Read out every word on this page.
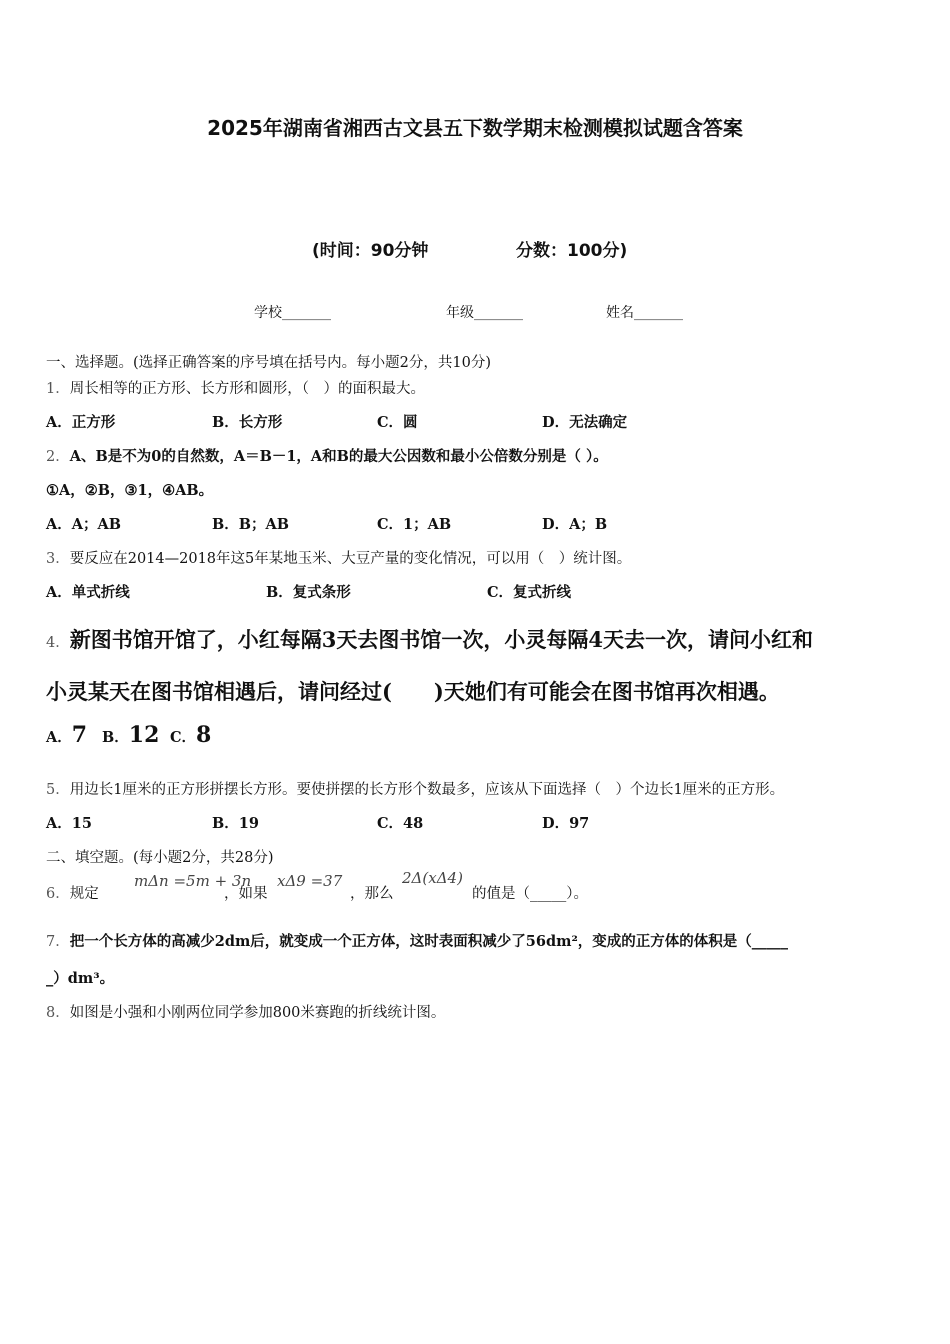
2025年湖南省湘西古文县五下数学期末检测模拟试题含答案
(时间：90分钟	分数：100分)
学校_______	年级_______	姓名_______
一、选择题。(选择正确答案的序号填在括号内。每小题2分，共10分)
1．周长相等的正方形、长方形和圆形，（　）的面积最大。
A．正方形	B．长方形	C．圆	D．无法确定
2．A、B是不为0的自然数，A＝B－1，A和B的最大公因数和最小公倍数分别是（ ）。
①A，②B，③1，④AB。
A．A；AB	B．B；AB	C．1；AB	D．A；B
3．要反应在2014—2018年这5年某地玉米、大豆产量的变化情况，可以用（　）统计图。
A．单式折线	B．复式条形	C．复式折线
4．新图书馆开馆了，小红每隔3天去图书馆一次，小灵每隔4天去一次，请问小红和
小灵某天在图书馆相遇后，请问经过(　　)天她们有可能会在图书馆再次相遇。
A．7 B．12 C．8
5．用边长1厘米的正方形拼摆长方形。要使拼摆的长方形个数最多，应该从下面选择（　）个边长1厘米的正方形。
A．15	B．19	C．48	D．97
二、填空题。(每小题2分，共28分)
6．规定
mΔn =5m + 3n
，如果
xΔ9 =37
，那么
2Δ(xΔ4)
的值是（_____）。
7．把一个长方体的高减少2dm后，就变成一个正方体，这时表面积减少了56dm²，变成的正方体的体积是（_____
_）dm³。
8．如图是小强和小刚两位同学参加800米赛跑的折线统计图。
